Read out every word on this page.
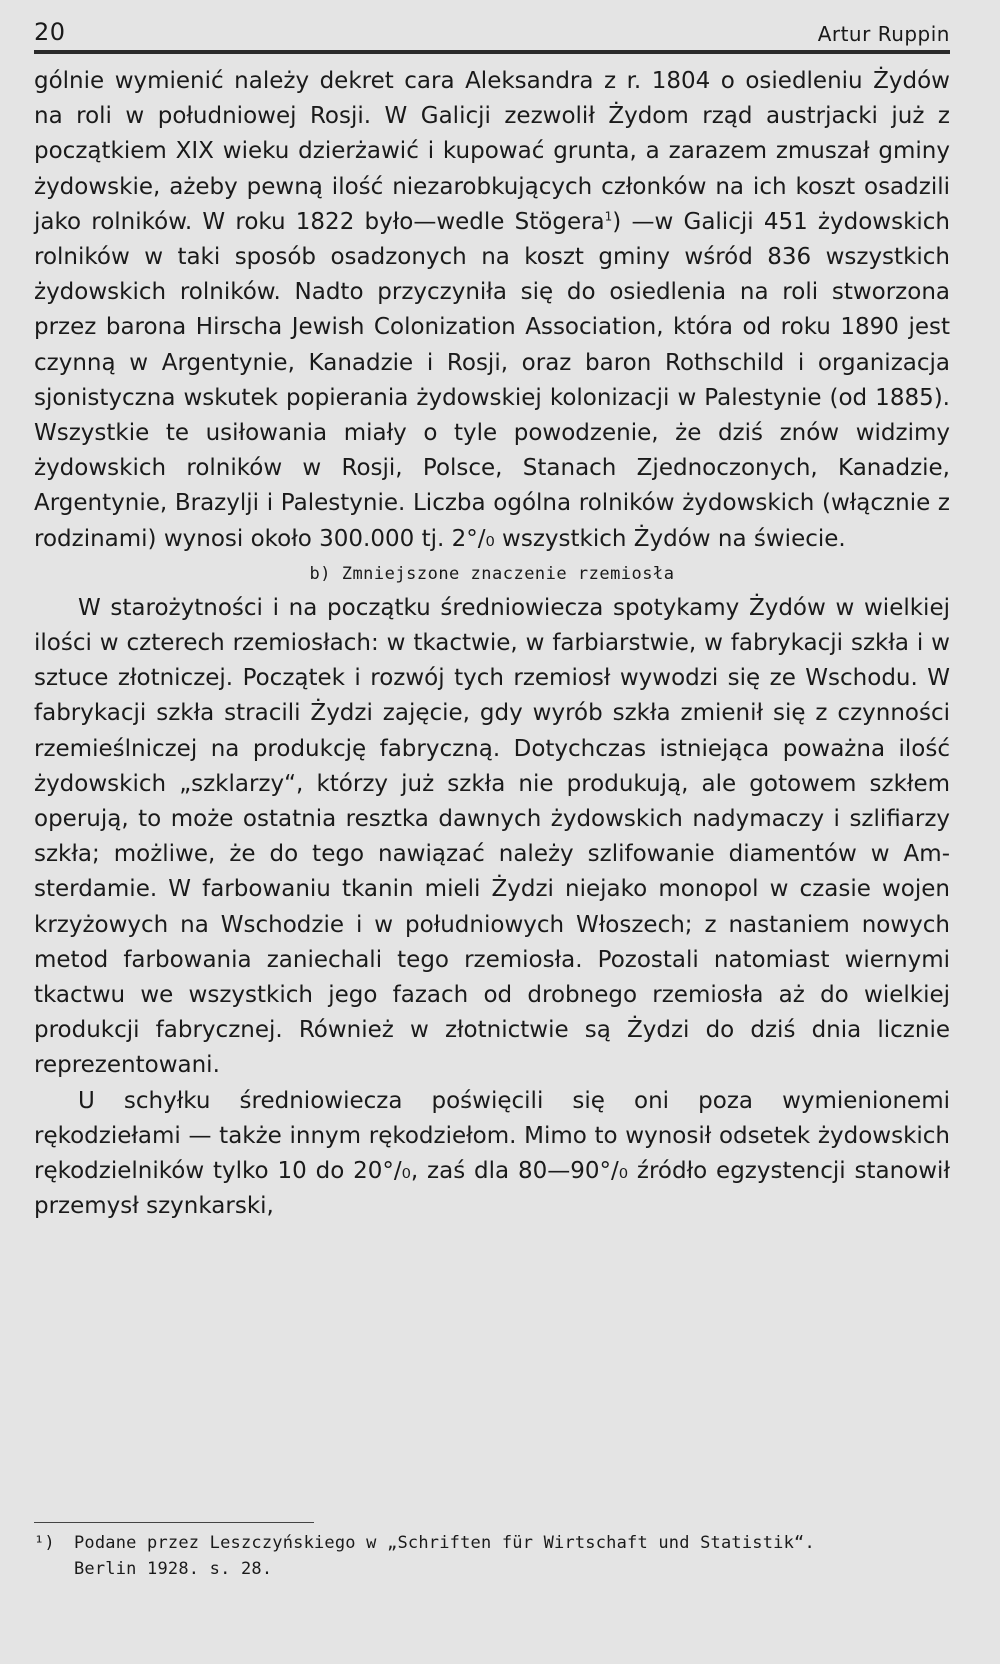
20	Artur Ruppin

gólnie wymienić należy dekret cara Aleksandra z r. 1804 o osiedleniu Żydów na roli w południowej Rosji. W Galicji zezwolił Żydom rząd austrjacki już z początkiem XIX wieku dzierżawić i kupować grunta, a zarazem zmuszał gminy żydowskie, ażeby pewną ilość niezarobkujących członków na ich koszt osadzili jako rolników. W roku 1822 było—wedle Stögera$^1$) —w Galicji 451 żydowskich rolników w taki sposób osadzonych na koszt gminy wśród 836 wszystkich żydowskich rolników. Nadto przyczyniła się do osiedlenia na roli stworzona przez barona Hirscha Jewish Colonization Association, która od roku 1890 jest czynną w Argentynie, Kanadzie i Rosji, oraz baron Rothschild i organizacja sjonistyczna wskutek popierania żydowskiej kolonizacji w Palestynie (od 1885). Wszystkie te usiłowania miały o tyle powodzenie, że dziś znów widzimy żydowskich rolników w Rosji, Polsce, Stanach Zjednoczonych, Kanadzie, Argentynie, Brazylji i Palestynie. Liczba ogólna rolników żydowskich (włącznie z rodzinami) wynosi około 300.000 tj. 2°/₀ wszystkich Żydów na świecie.

b) Zmniejszone znaczenie rzemiosła

W starożytności i na początku średniowiecza spotykamy Żydów w wielkiej ilości w czterech rzemiosłach: w tkactwie, w farbiarstwie, w fabrykacji szkła i w sztuce złotniczej. Początek i rozwój tych rzemiosł wywodzi się ze Wschodu. W fabrykacji szkła stracili Żydzi zajęcie, gdy wyrób szkła zmienił się z czynności rzemieślniczej na produkcję fabryczną. Dotychczas istniejąca poważna ilość żydowskich „szklarzy“, którzy już szkła nie produkują, ale gotowem szkłem operują, to może ostatnia resztka dawnych żydowskich nadymaczy i szlifiarzy szkła; możliwe, że do tego nawiązać należy szlifowanie diamentów w Amsterdamie. W farbowaniu tkanin mieli Żydzi niejako monopol w czasie wojen krzyżowych na Wschodzie i w południowych Włoszech; z nastaniem nowych metod farbowania zaniechali tego rzemiosła. Pozostali natomiast wiernymi tkactwu we wszystkich jego fazach od drobnego rzemiosła aż do wielkiej produkcji fabrycznej. Również w złotnictwie są Żydzi do dziś dnia licznie reprezentowani.

U schyłku średniowiecza poświęcili się oni poza wymienionemi rękodziełami — także innym rękodziełom. Mimo to wynosił odsetek żydowskich rękodzielników tylko 10 do 20°/₀, zaś dla 80—90°/₀ źródło egzystencji stanowił przemysł szynkarski,

¹) Podane przez Leszczyńskiego w „Schriften für Wirtschaft und Statistik“.
Berlin 1928. s. 28.
